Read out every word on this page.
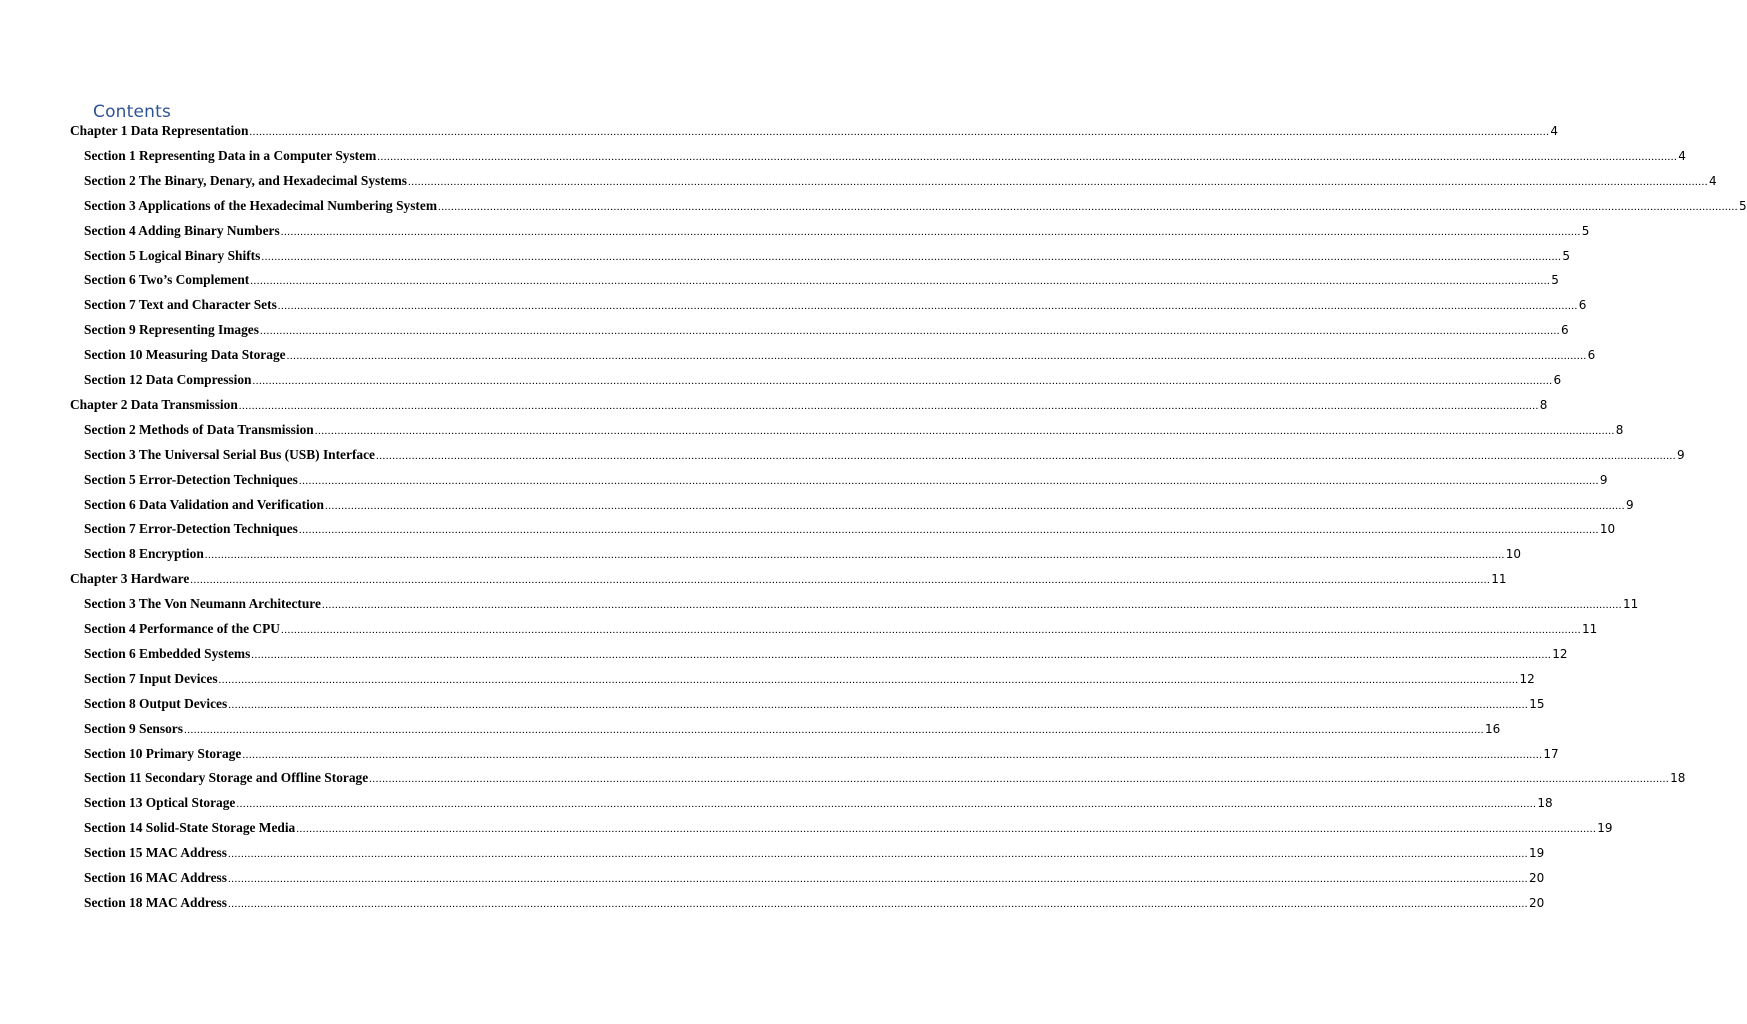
Contents
Chapter 1 Data Representation ................................................................................................................................................................................................................................................................................................................................................................................................................ 4
Section 1 Representing Data in a Computer System ................................................................................................................................................................................................................................................................................................................................................................................................................ 4
Section 2 The Binary, Denary, and Hexadecimal Systems ................................................................................................................................................................................................................................................................................................................................................................................................................ 4
Section 3 Applications of the Hexadecimal Numbering System ................................................................................................................................................................................................................................................................................................................................................................................................................ 5
Section 4 Adding Binary Numbers ................................................................................................................................................................................................................................................................................................................................................................................................................ 5
Section 5 Logical Binary Shifts ................................................................................................................................................................................................................................................................................................................................................................................................................ 5
Section 6 Two’s Complement ................................................................................................................................................................................................................................................................................................................................................................................................................ 5
Section 7 Text and Character Sets ................................................................................................................................................................................................................................................................................................................................................................................................................ 6
Section 9 Representing Images ................................................................................................................................................................................................................................................................................................................................................................................................................ 6
Section 10 Measuring Data Storage ................................................................................................................................................................................................................................................................................................................................................................................................................ 6
Section 12 Data Compression ................................................................................................................................................................................................................................................................................................................................................................................................................ 6
Chapter 2 Data Transmission ................................................................................................................................................................................................................................................................................................................................................................................................................ 8
Section 2 Methods of Data Transmission ................................................................................................................................................................................................................................................................................................................................................................................................................ 8
Section 3 The Universal Serial Bus (USB) Interface ................................................................................................................................................................................................................................................................................................................................................................................................................ 9
Section 5 Error-Detection Techniques ................................................................................................................................................................................................................................................................................................................................................................................................................ 9
Section 6 Data Validation and Verification ................................................................................................................................................................................................................................................................................................................................................................................................................ 9
Section 7 Error-Detection Techniques ................................................................................................................................................................................................................................................................................................................................................................................................................ 10
Section 8 Encryption ................................................................................................................................................................................................................................................................................................................................................................................................................ 10
Chapter 3 Hardware ................................................................................................................................................................................................................................................................................................................................................................................................................ 11
Section 3 The Von Neumann Architecture ................................................................................................................................................................................................................................................................................................................................................................................................................ 11
Section 4 Performance of the CPU ................................................................................................................................................................................................................................................................................................................................................................................................................ 11
Section 6 Embedded Systems ................................................................................................................................................................................................................................................................................................................................................................................................................ 12
Section 7 Input Devices ................................................................................................................................................................................................................................................................................................................................................................................................................ 12
Section 8 Output Devices ................................................................................................................................................................................................................................................................................................................................................................................................................ 15
Section 9 Sensors ................................................................................................................................................................................................................................................................................................................................................................................................................ 16
Section 10 Primary Storage ................................................................................................................................................................................................................................................................................................................................................................................................................ 17
Section 11 Secondary Storage and Offline Storage ................................................................................................................................................................................................................................................................................................................................................................................................................ 18
Section 13 Optical Storage ................................................................................................................................................................................................................................................................................................................................................................................................................ 18
Section 14 Solid-State Storage Media ................................................................................................................................................................................................................................................................................................................................................................................................................ 19
Section 15 MAC Address ................................................................................................................................................................................................................................................................................................................................................................................................................ 19
Section 16 MAC Address ................................................................................................................................................................................................................................................................................................................................................................................................................ 20
Section 18 MAC Address ................................................................................................................................................................................................................................................................................................................................................................................................................ 20
